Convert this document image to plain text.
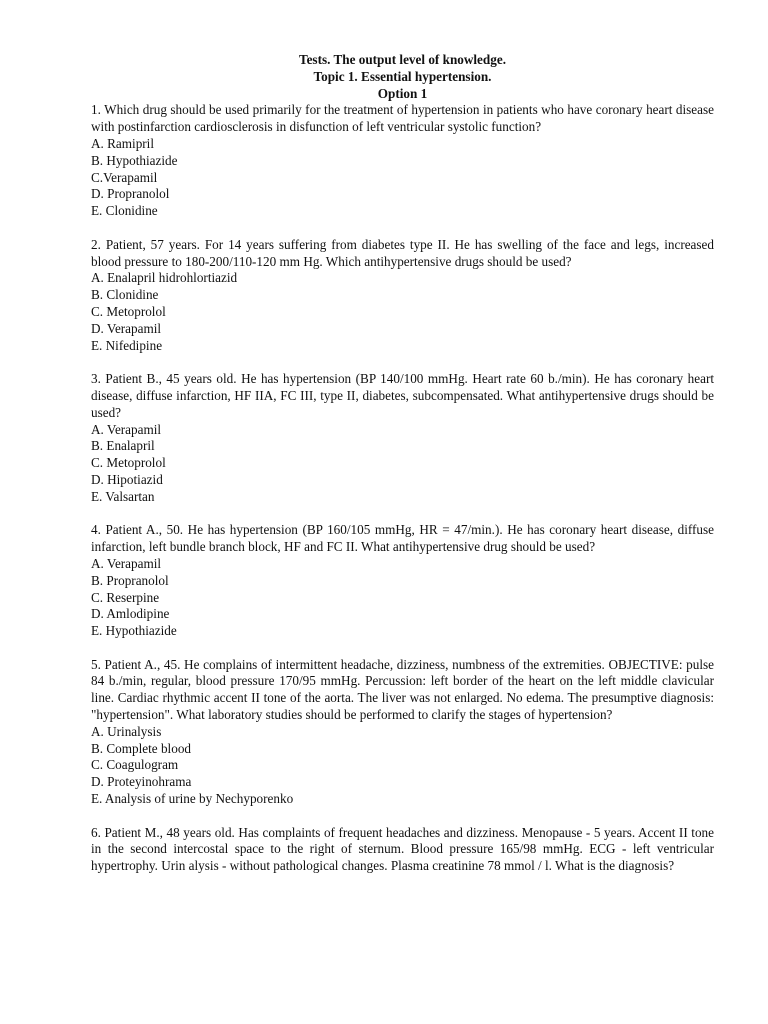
Tests. The output level of knowledge.
Topic 1. Essential hypertension.
Option 1
1. Which drug should be used primarily for the treatment of hypertension in patients who have coronary heart disease with postinfarction cardiosclerosis in disfunction of left ventricular systolic function?
A. Ramipril
B. Hypothiazide
C.Verapamil
D. Propranolol
E. Clonidine
2. Patient, 57 years. For 14 years suffering from diabetes type II. He has swelling of the face and legs, increased blood pressure to 180-200/110-120 mm Hg. Which antihypertensive drugs should be used?
A. Enalapril hidrohlortiazid
B. Clonidine
C. Metoprolol
D. Verapamil
E. Nifedipine
3. Patient B., 45 years old. He has hypertension (BP 140/100 mmHg. Heart rate 60 b./min). He has coronary heart disease, diffuse infarction, HF IIA, FC III, type II, diabetes, subcompensated. What antihypertensive drugs should be used?
A. Verapamil
B. Enalapril
C. Metoprolol
D. Hipotiazid
E. Valsartan
4. Patient A., 50. He has hypertension (BP 160/105 mmHg, HR = 47/min.). He has coronary heart disease, diffuse infarction, left bundle branch block, HF and FC II. What antihypertensive drug should be used?
A. Verapamil
B. Propranolol
C. Reserpine
D. Amlodipine
E. Hypothiazide
5. Patient A., 45. He complains of intermittent headache, dizziness, numbness of the extremities. OBJECTIVE: pulse 84 b./min, regular, blood pressure 170/95 mmHg. Percussion: left border of the heart on the left middle clavicular line. Cardiac rhythmic accent II tone of the aorta. The liver was not enlarged. No edema. The presumptive diagnosis: "hypertension". What laboratory studies should be performed to clarify the stages of hypertension?
A. Urinalysis
B. Complete blood
C. Coagulogram
D. Proteyinohrama
E. Analysis of urine by Nechyporenko
6. Patient M., 48 years old. Has complaints of frequent headaches and dizziness. Menopause - 5 years. Accent II tone in the second intercostal space to the right of sternum. Blood pressure 165/98 mmHg. ECG - left ventricular hypertrophy. Urin alysis - without pathological changes. Plasma creatinine 78 mmol / l. What is the diagnosis?
